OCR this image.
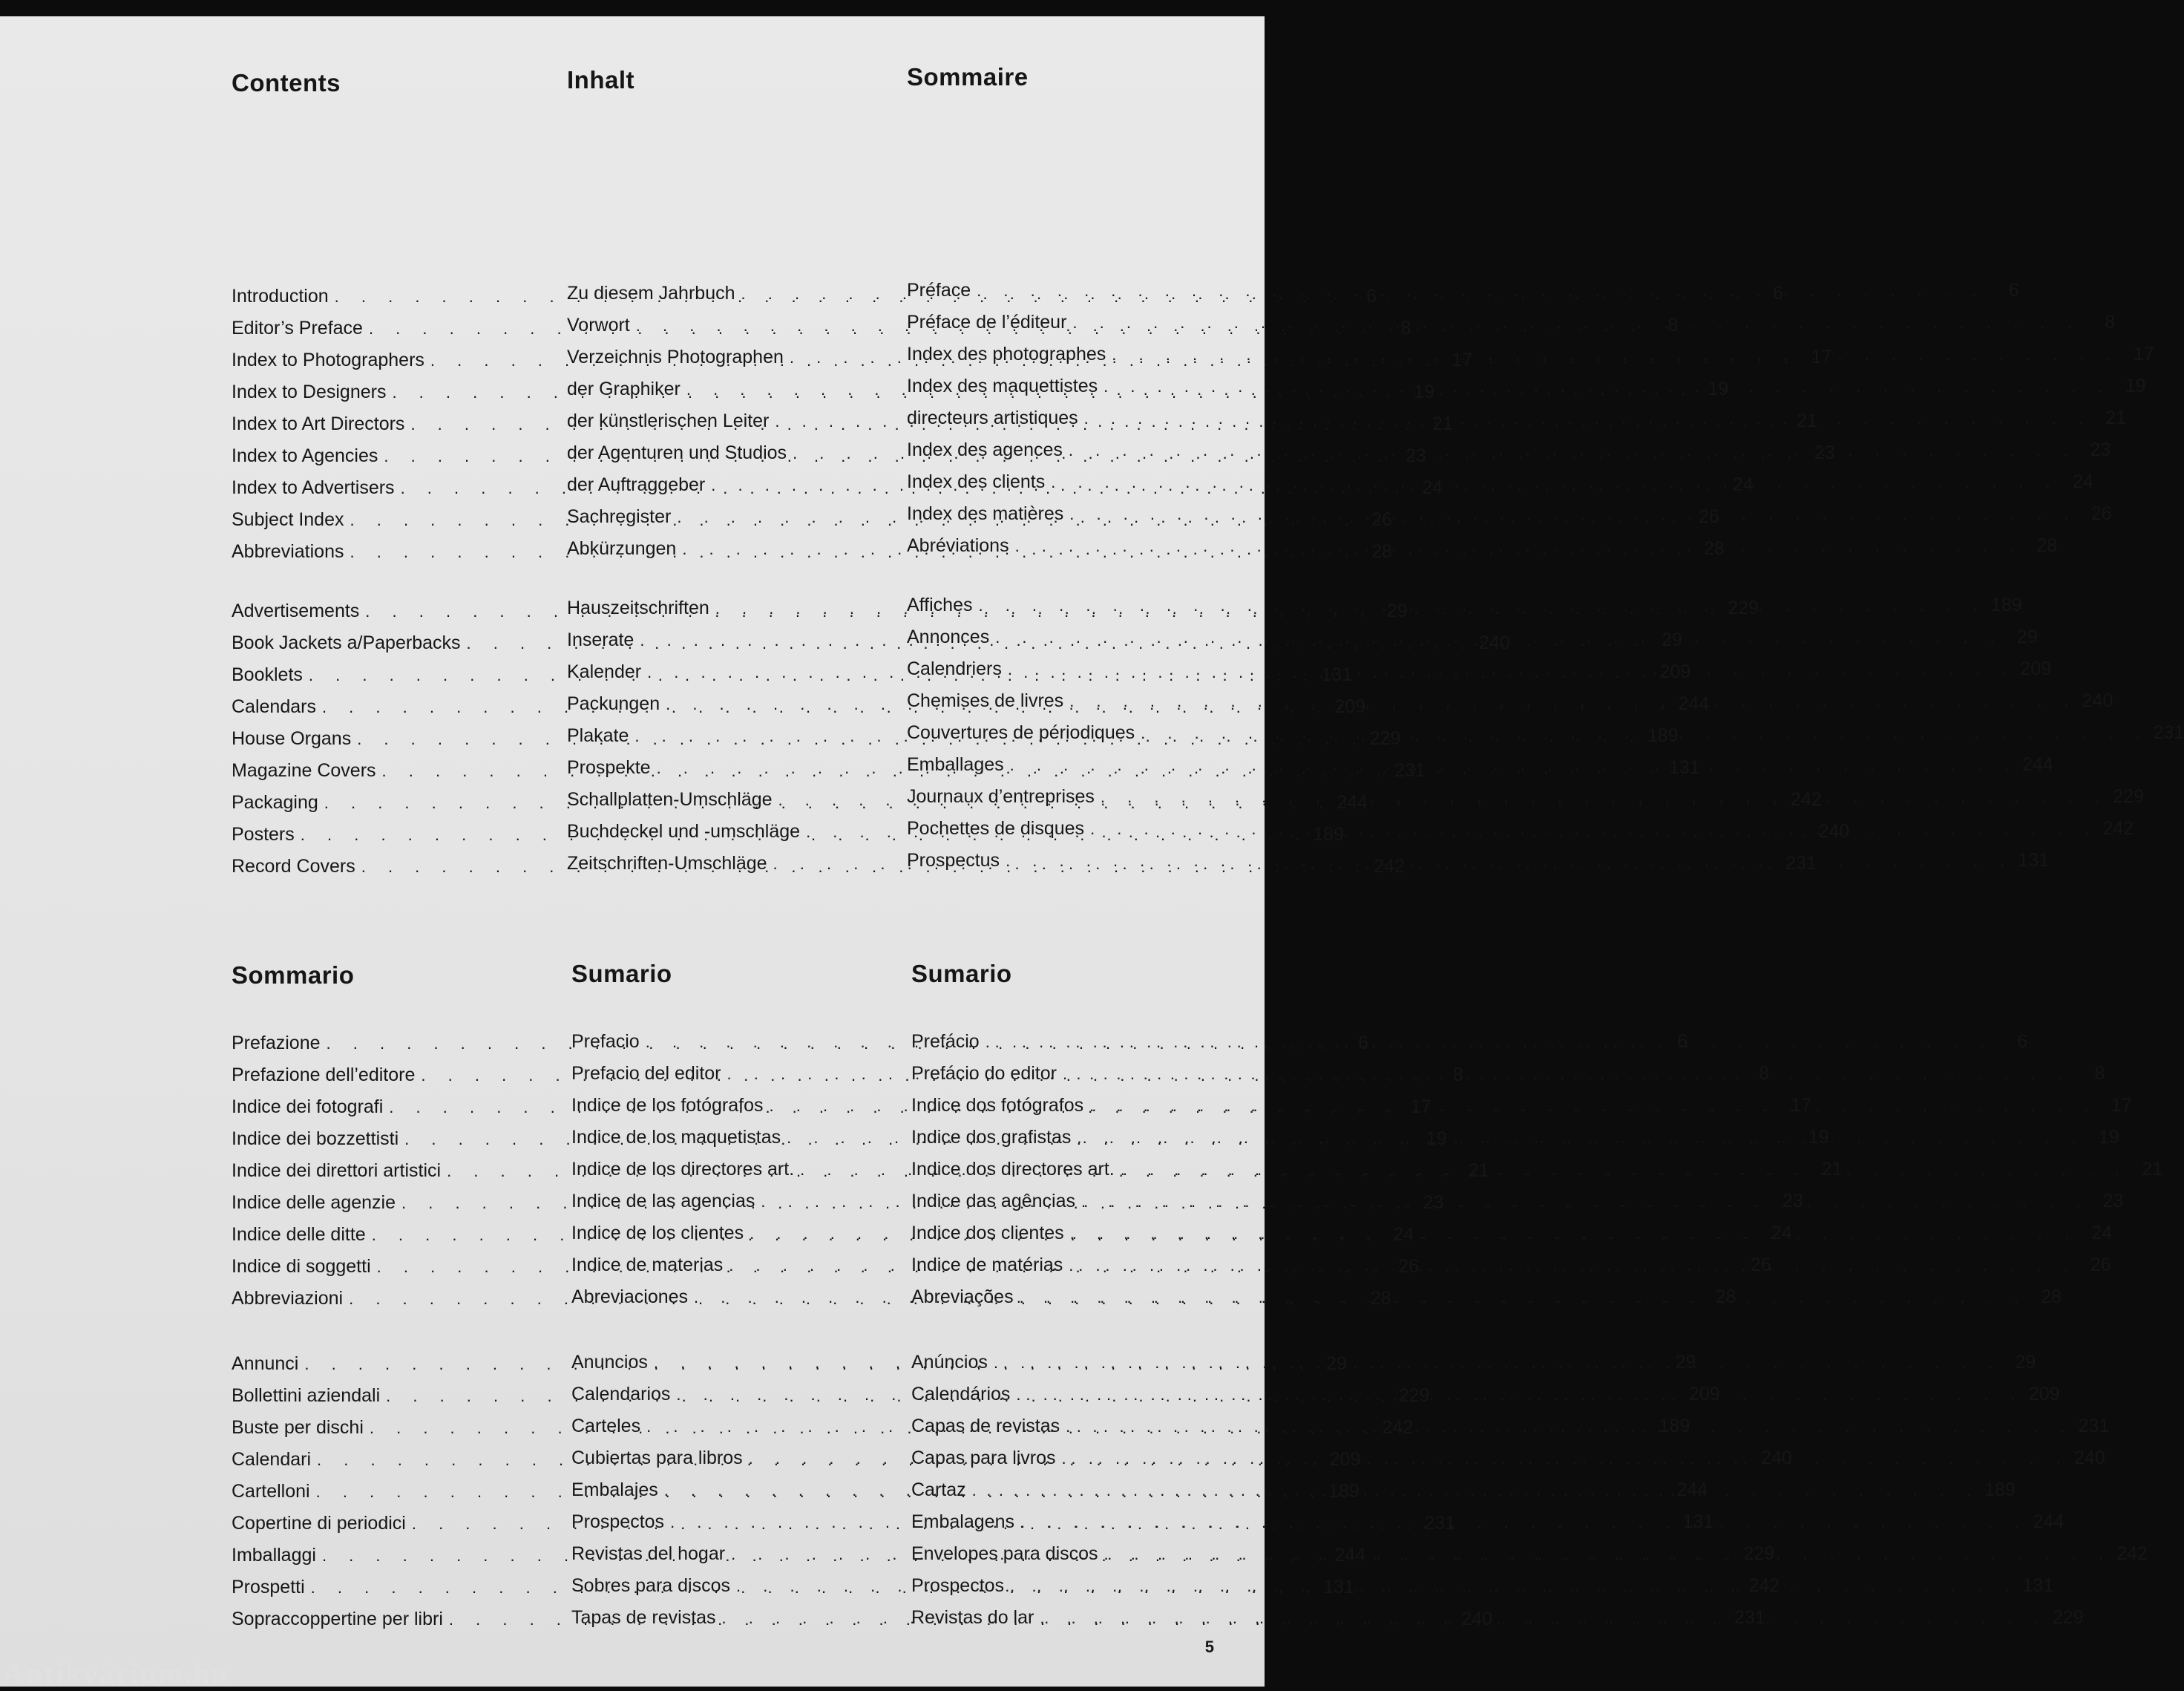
Contents
Introduction . . .	6
Editor’s Preface . . .	8
Index to Photographers . . .	17
Index to Designers . . .	19
Index to Art Directors . . .	21
Index to Agencies . . .	23
Index to Advertisers . . .	24
Subject Index . . .	26
Abbreviations . . .	28
Advertisements . . .	29
Book Jackets a/Paperbacks . . .	240
Booklets . . .	131
Calendars . . .	209
House Organs . . .	229
Magazine Covers . . .	231
Packaging . . .	244
Posters . . .	189
Record Covers . . .	242
Inhalt
Zu diesem Jahrbuch . . .	6
Vorwort . . .	8
Verzeichnis Photographen . . .	17
der Graphiker . . .	19
der künstlerischen Leiter . . .	21
der Agenturen und Studios . . .	23
der Auftraggeber . . .	24
Sachregister . . .	26
Abkürzungen . . .	28
Hauszeitschriften . . .	229
Inserate . . .	29
Kalender . . .	209
Packungen . . .	244
Plakate . . .	189
Prospekte . . .	131
Schallplatten-Umschläge . . .	242
Buchdeckel und -umschläge . . .	240
Zeitschriften-Umschläge . . .	231
Sommaire
Préface . . .	6
Préface de l’éditeur . . .	8
Index des photographes . . .	17
Index des maquettistes . . .	19
directeurs artistiques . . .	21
Index des agences . . .	23
Index des clients . . .	24
Index des matières . . .	26
Abréviations . . .	28
Affiches . . .	189
Annonces . . .	29
Calendriers . . .	209
Chemises de livres . . .	240
Couvertures de périodiques . . .	231
Emballages . . .	244
Journaux d’entreprises . . .	229
Pochettes de disques . . .	242
Prospectus . . .	131
Sommario
Prefazione . . .	6
Prefazione dell’editore . . .	8
Indice dei fotografi . . .	17
Indice dei bozzettisti . . .	19
Indice dei direttori artistici . . .	21
Indice delle agenzie . . .	23
Indice delle ditte . . .	24
Indice di soggetti . . .	26
Abbreviazioni . . .	28
Annunci . . .	29
Bollettini aziendali . . .	229
Buste per dischi . . .	242
Calendari . . .	209
Cartelloni . . .	189
Copertine di periodici . . .	231
Imballaggi . . .	244
Prospetti . . .	131
Sopraccoppertine per libri . . .	240
Sumario
Prefacio . . .	6
Prefacio del editor . . .	8
Indice de los fotógrafos . . .	17
Indice de los maquetistas . . .	19
Indice de los directores art. . . .	21
Indice de las agencias . . .	23
Indice de los clientes . . .	24
Indice de materias . . .	26
Abreviaciones . . .	28
Anuncios . . .	29
Calendarios . . .	209
Carteles . . .	189
Cubiertas para libros . . .	240
Embalajes . . .	244
Prospectos . . .	131
Revistas del hogar . . .	229
Sobres para discos . . .	242
Tapas de revistas . . .	231
Sumario
Prefácio . . .	6
Prefácio do editor . . .	8
Indice dos fotógrafos . . .	17
Indice dos grafistas . . .	19
Indice dos directores art. . . .	21
Indice das agências . . .	23
Indice dos clientes . . .	24
Indice de matérias . . .	26
Abreviações . . .	28
Anúncios . . .	29
Calendários . . .	209
Capas de revistas . . .	231
Capas para livros . . .	240
Cartaz . . .	189
Embalagens . . .	244
Envelopes para discos . . .	242
Prospectos . . .	131
Revistas do lar . . .	229
5
Antikvárium.hu
